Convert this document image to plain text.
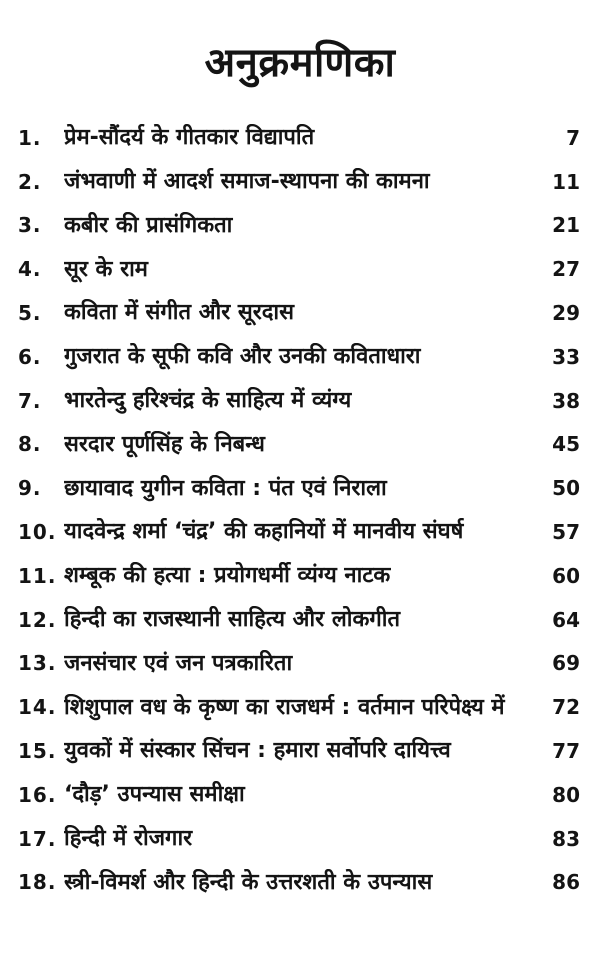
अनुक्रमणिका
1.	प्रेम-सौंदर्य के गीतकार विद्यापति	7
2.	जंभवाणी में आदर्श समाज-स्थापना की कामना	11
3.	कबीर की प्रासंगिकता	21
4.	सूर के राम	27
5.	कविता में संगीत और सूरदास	29
6.	गुजरात के सूफी कवि और उनकी कविताधारा	33
7.	भारतेन्दु हरिश्चंद्र के साहित्य में व्यंग्य	38
8.	सरदार पूर्णसिंह के निबन्ध	45
9.	छायावाद युगीन कविता : पंत एवं निराला	50
10. यादवेन्द्र शर्मा ‘चंद्र’ की कहानियों में मानवीय संघर्ष	57
11. शम्बूक की हत्या : प्रयोगधर्मी व्यंग्य नाटक	60
12. हिन्दी का राजस्थानी साहित्य और लोकगीत	64
13. जनसंचार एवं जन पत्रकारिता	69
14. शिशुपाल वध के कृष्ण का राजधर्म : वर्तमान परिपेक्ष्य में	72
15. युवकों में संस्कार सिंचन : हमारा सर्वोपरि दायित्त्व	77
16. ‘दौड़’ उपन्यास समीक्षा	80
17. हिन्दी में रोजगार	83
18. स्त्री-विमर्श और हिन्दी के उत्तरशती के उपन्यास	86
